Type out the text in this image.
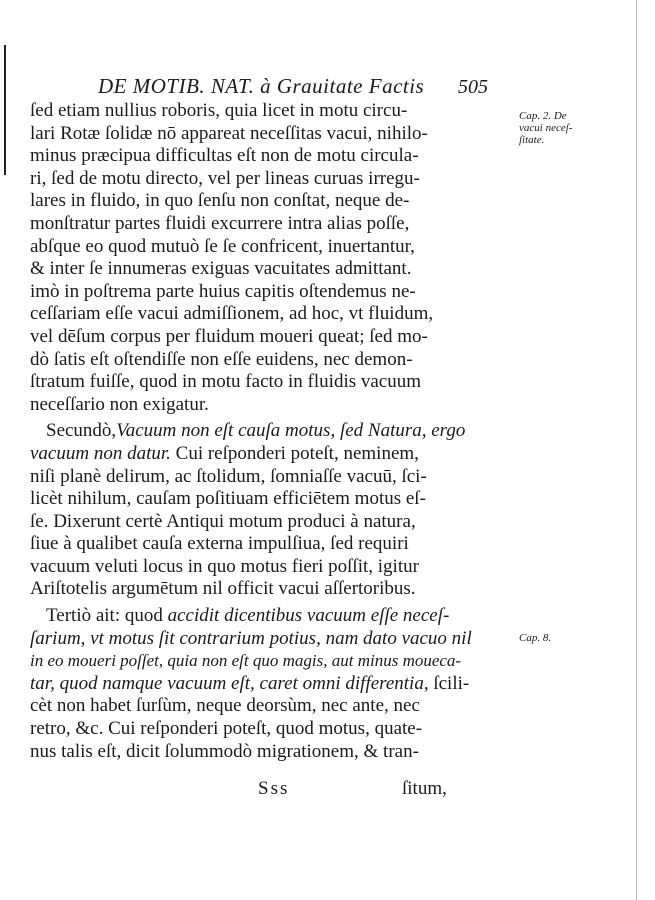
DE MOTIB. NAT. à Grauitate Factis 505
ſed etiam nullius roboris, quia licet in motu circu-
lari Rotæ ſolidæ nō appareat neceſſitas vacui, nihilo-
minus præcipua difficultas eſt non de motu circula-
ri, ſed de motu directo, vel per lineas curuas irregu-
lares in fluido, in quo ſenſu non conſtat, neque de-
monſtratur partes fluidi excurrere intra alias poſſe,
abſque eo quod mutuò ſe ſe confricent, inuertantur,
& inter ſe innumeras exiguas vacuitates admittant.
imò in poſtrema parte huius capitis oſtendemus ne-
ceſſariam eſſe vacui admiſſionem, ad hoc, vt fluidum,
vel dēſum corpus per fluidum moueri queat; ſed mo-
dò ſatis eſt oſtendiſſe non eſſe euidens, nec demon-
ſtratum fuiſſe, quod in motu facto in fluidis vacuum
neceſſario non exigatur.
Secundò,Vacuum non eſt cauſa motus, ſed Natura, ergo
vacuum non datur. Cui reſponderi poteſt, neminem,
niſi planè delirum, ac ſtolidum, ſomniaſſe vacuū, ſci-
licèt nihilum, cauſam poſitiuam efficiētem motus eſ-
ſe. Dixerunt certè Antiqui motum produci à natura,
ſiue à qualibet cauſa externa impulſiua, ſed requiri
vacuum veluti locus in quo motus fieri poſſit, igitur
Ariſtotelis argumētum nil officit vacui aſſertoribus.
Tertiò ait: quod accidit dicentibus vacuum eſſe neceſ-
ſarium, vt motus ſit contrarium potius, nam dato vacuo nil
in eo moueri poſſet, quia non eſt quo magis, aut minus moueca-
tar, quod namque vacuum eſt, caret omni differentia, ſcili-
cèt non habet ſurſùm, neque deorsùm, nec ante, nec
retro, &c. Cui reſponderi poteſt, quod motus, quate-
nus talis eſt, dicit ſolummodò migrationem, & tran-
Cap. 2. De
vacui neceſ-
ſitate.
Cap. 8.
Sss	ſitum,
